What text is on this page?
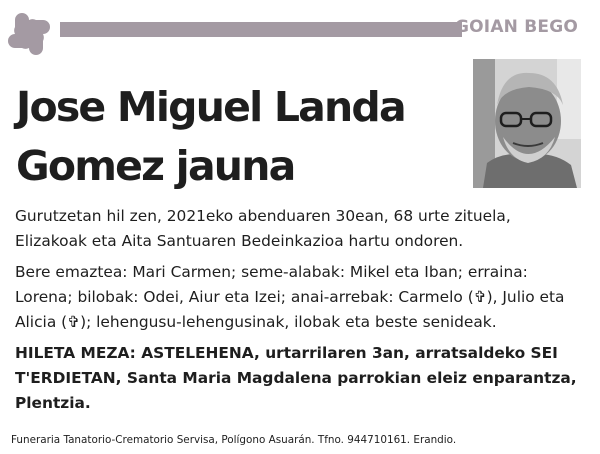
GOIAN BEGO
Jose Miguel Landa
Gomez jauna

Gurutzetan hil zen, 2021eko abenduaren 30ean, 68 urte zituela, Elizakoak eta Aita Santuaren Bedeinkazioa hartu ondoren.

Bere emaztea: Mari Carmen; seme-alabak: Mikel eta Iban; erraina: Lorena; bilobak: Odei, Aiur eta Izei; anai-arrebak: Carmelo (✞), Julio eta Alicia (✞); lehengusu-lehengusinak, ilobak eta beste senideak.

HILETA MEZA: ASTELEHENA, urtarrilaren 3an, arratsaldeko SEI T'ERDIETAN, Santa Maria Magdalena parrokian eleiz enparantza, Plentzia.

Funeraria Tanatorio-Crematorio Servisa, Polígono Asuarán. Tfno. 944710161. Erandio.
